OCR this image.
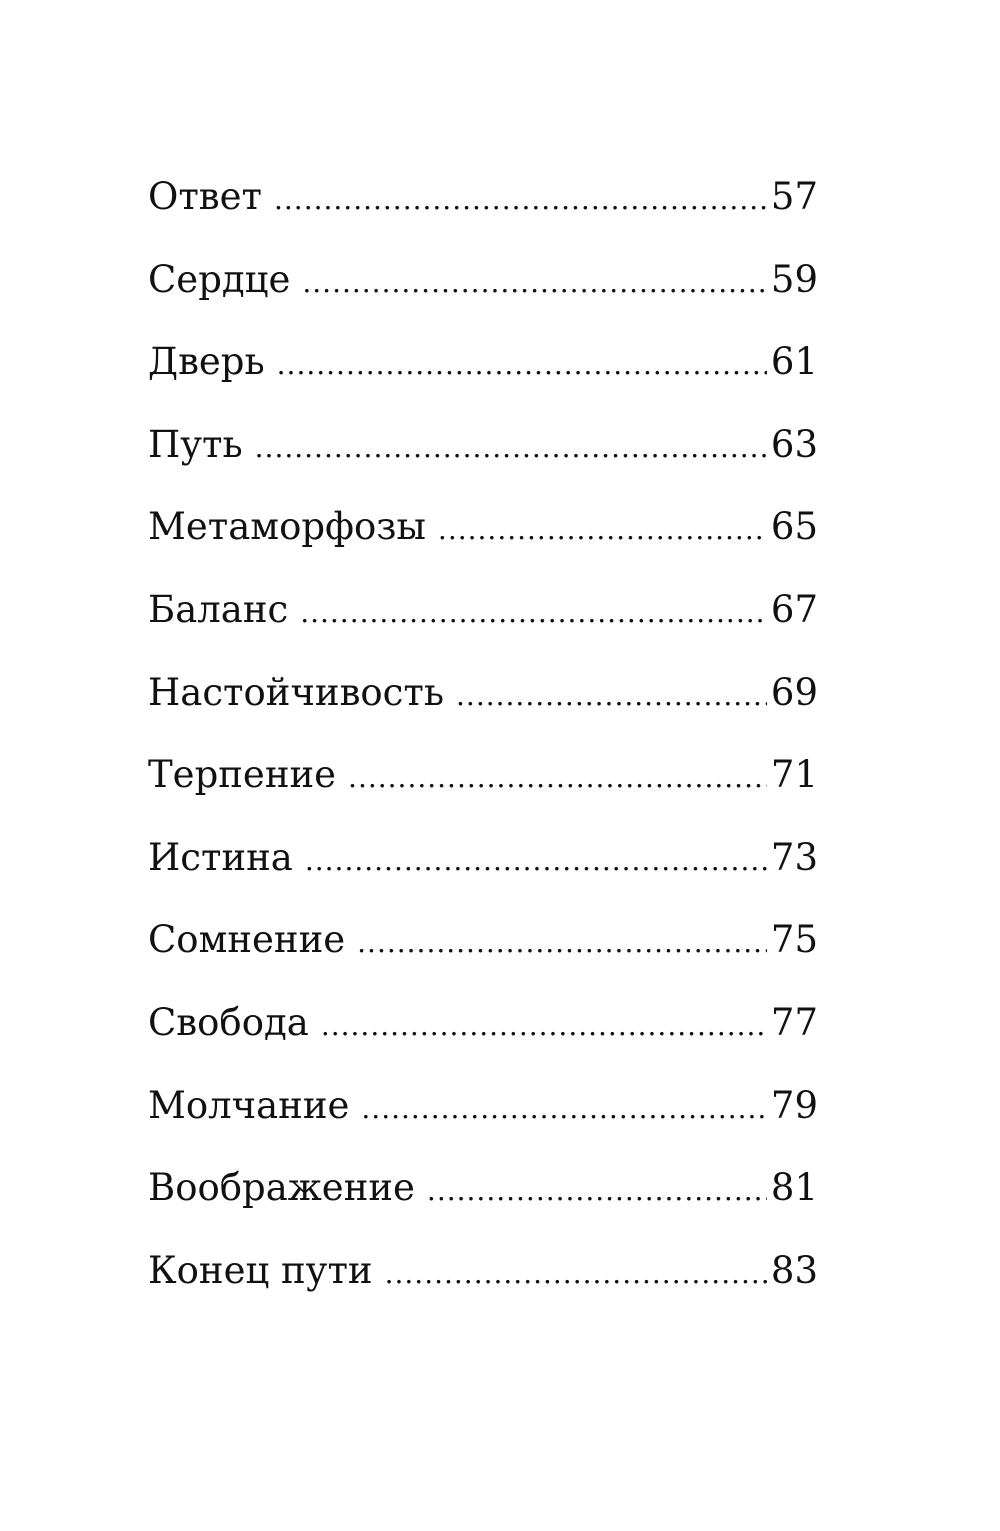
Ответ .....	57
Сердце .....	59
Дверь .....	61
Путь .....	63
Метаморфозы .....	65
Баланс .....	67
Настойчивость .....	69
Терпение .....	71
Истина .....	73
Сомнение .....	75
Свобода .....	77
Молчание .....	79
Воображение .....	81
Конец пути .....	83
